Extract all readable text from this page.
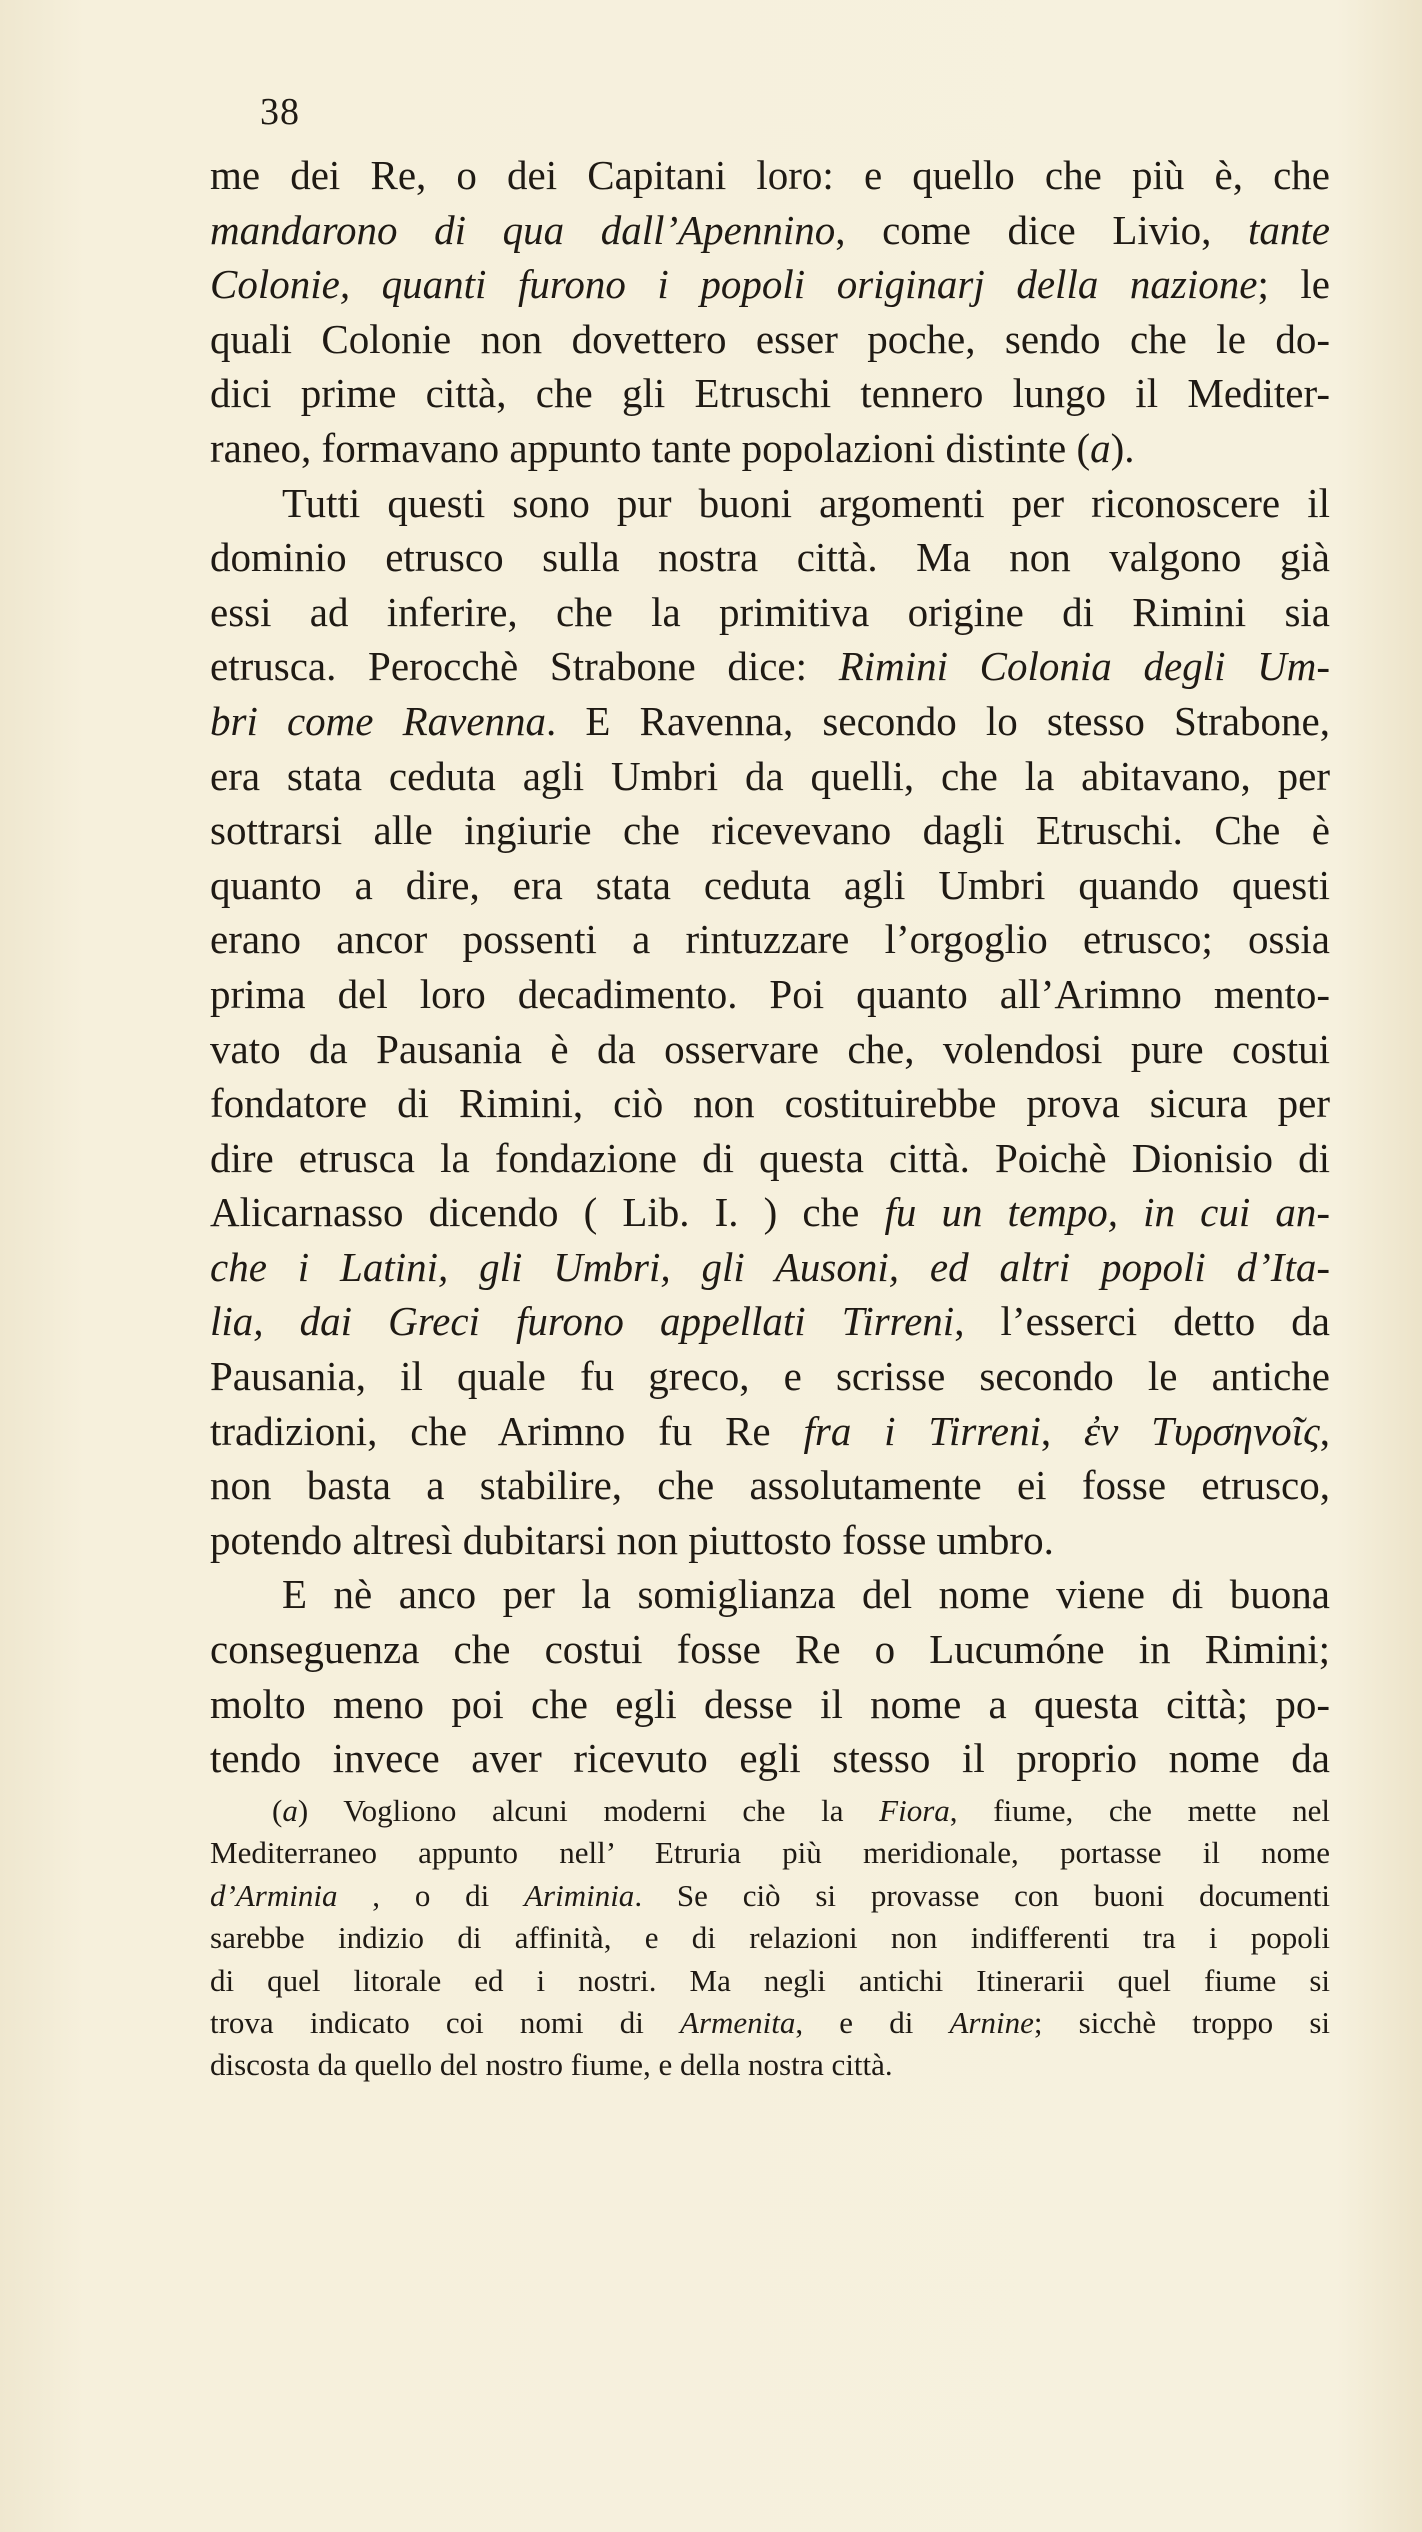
38
me dei Re, o dei Capitani loro: e quello che più è, che
mandarono di qua dall’Apennino, come dice Livio, tante
Colonie, quanti furono i popoli originarj della nazione; le
quali Colonie non dovettero esser poche, sendo che le do-
dici prime città, che gli Etruschi tennero lungo il Mediter-
raneo, formavano appunto tante popolazioni distinte (a).
Tutti questi sono pur buoni argomenti per riconoscere il
dominio etrusco sulla nostra città. Ma non valgono già
essi ad inferire, che la primitiva origine di Rimini sia
etrusca. Perocchè Strabone dice: Rimini Colonia degli Um-
bri come Ravenna. E Ravenna, secondo lo stesso Strabone,
era stata ceduta agli Umbri da quelli, che la abitavano, per
sottrarsi alle ingiurie che ricevevano dagli Etruschi. Che è
quanto a dire, era stata ceduta agli Umbri quando questi
erano ancor possenti a rintuzzare l’orgoglio etrusco; ossia
prima del loro decadimento. Poi quanto all’Arimno mento-
vato da Pausania è da osservare che, volendosi pure costui
fondatore di Rimini, ciò non costituirebbe prova sicura per
dire etrusca la fondazione di questa città. Poichè Dionisio di
Alicarnasso dicendo ( Lib. I. ) che fu un tempo, in cui an-
che i Latini, gli Umbri, gli Ausoni, ed altri popoli d’Ita-
lia, dai Greci furono appellati Tirreni, l’esserci detto da
Pausania, il quale fu greco, e scrisse secondo le antiche
tradizioni, che Arimno fu Re fra i Tirreni, ἐν Τυρσηνοῖς,
non basta a stabilire, che assolutamente ei fosse etrusco,
potendo altresì dubitarsi non piuttosto fosse umbro.
E nè anco per la somiglianza del nome viene di buona
conseguenza che costui fosse Re o Lucumóne in Rimini;
molto meno poi che egli desse il nome a questa città; po-
tendo invece aver ricevuto egli stesso il proprio nome da
(a) Vogliono alcuni moderni che la Fiora, fiume, che mette nel
Mediterraneo appunto nell’ Etruria più meridionale, portasse il nome
d’Arminia , o di Ariminia. Se ciò si provasse con buoni documenti
sarebbe indizio di affinità, e di relazioni non indifferenti tra i popoli
di quel litorale ed i nostri. Ma negli antichi Itinerarii quel fiume si
trova indicato coi nomi di Armenita, e di Arnine; sicchè troppo si
discosta da quello del nostro fiume, e della nostra città.
